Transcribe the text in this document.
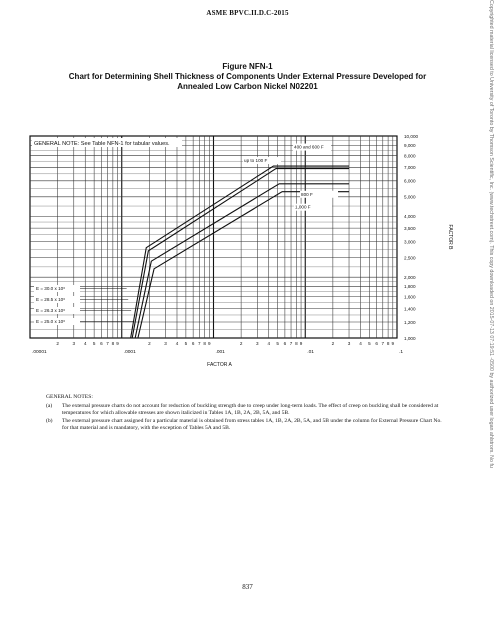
ASME BPVC.II.D.C-2015
Figure NFN-1
Chart for Determining Shell Thickness of Components Under External Pressure Developed for
Annealed Low Carbon Nickel N02201
2	3 4 5 6 7 8 9	2	3 4 5 6 7 8 9	2	3 4 5 6 7 8 9	2	3 4 5 6 7 8 9
10,000
9,000
8,000
7,000
6,000
5,000
4,000
3,500
3,000
2,500
2,000
1,800
1,600
1,400
1,200
1,000
.00001	.0001	.001	.01	.1
FACTOR A
FACTOR B
GENERAL NOTE: See Table NFN-1 for tabular values.
up to 100 F
400 and 600 F
800 F
1,000 F
E = 30.0 x 10⁶
E = 28.5 x 10⁶
E = 26.3 x 10⁶
E = 25.0 x 10⁶
GENERAL NOTES:
(a) The external pressure charts do not account for reduction of buckling strength due to creep under long-term loads. The effect of creep on buckling shall be considered at temperatures for which allowable stresses are shown italicized in Tables 1A, 1B, 2A, 2B, 5A, and 5B.
(b) The external pressure chart assigned for a particular material is obtained from stress tables 1A, 1B, 2A, 2B, 5A, and 5B under the column for External Pressure Chart No. for that material and is mandatory, with the exception of Tables 5A and 5B.
837
Copyrighted material licensed to University of Toronto by Thomson Scientific, Inc. (www.techstreet.com). This copy downloaded on 2015-07-13 07:19:51 -0500 by authorized user logan ahlstrom. No fu
